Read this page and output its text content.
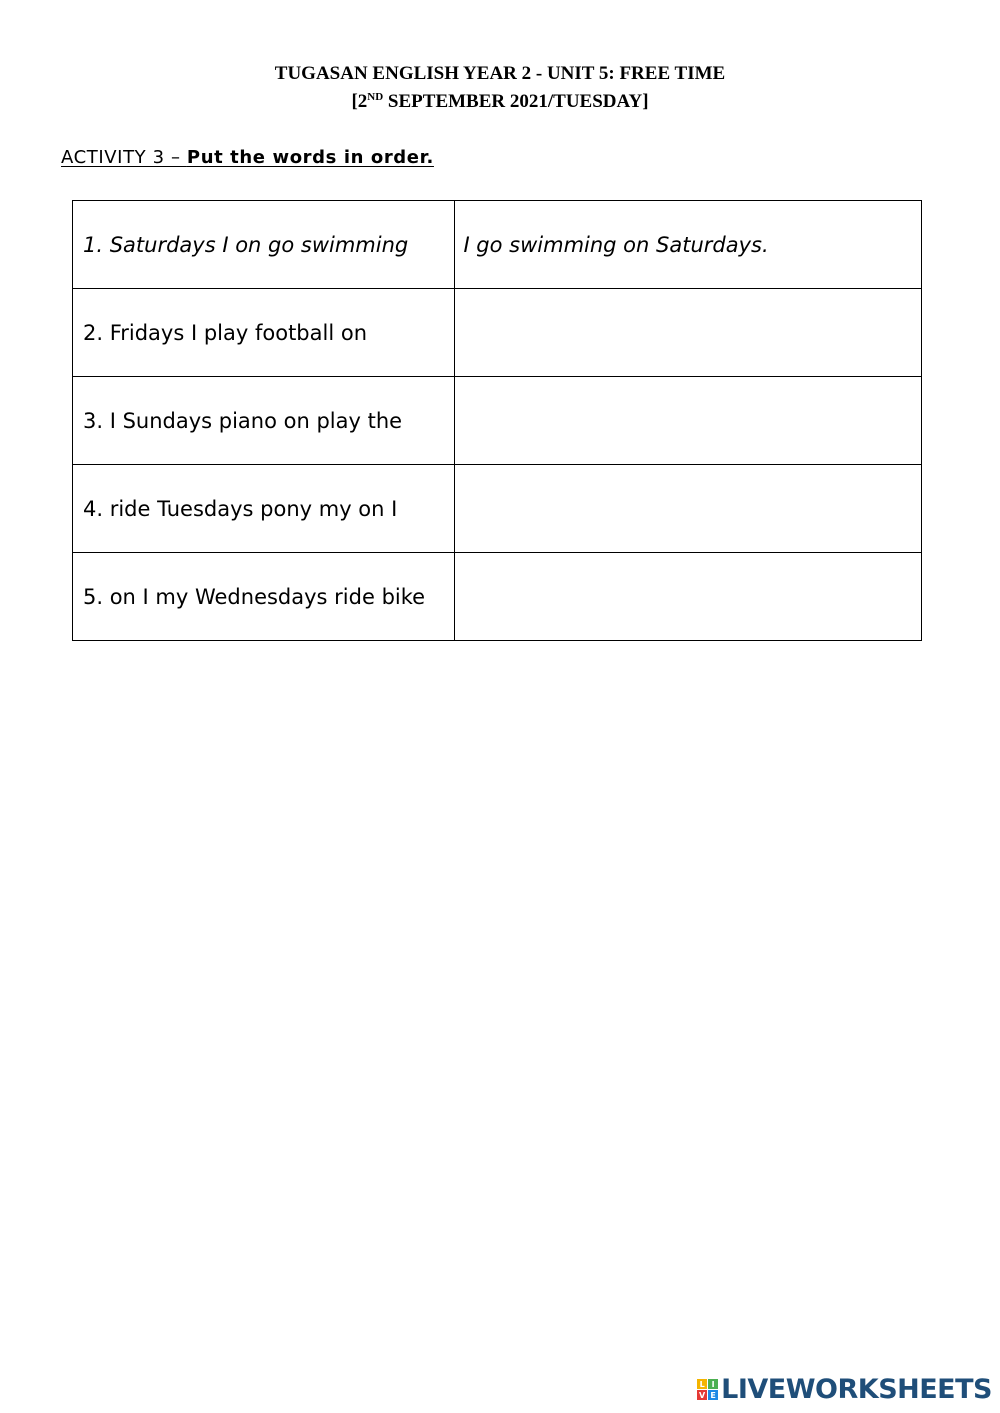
TUGASAN ENGLISH YEAR 2 - UNIT 5: FREE TIME
[2ND SEPTEMBER 2021/TUESDAY]
ACTIVITY 3 – Put the words in order.
1. Saturdays I on go swimming	I go swimming on Saturdays.
2. Fridays I play football on	
3. I Sundays piano on play the	
4. ride Tuesdays pony my on I	
5. on I my Wednesdays ride bike	
L I
V E LIVEWORKSHEETS
